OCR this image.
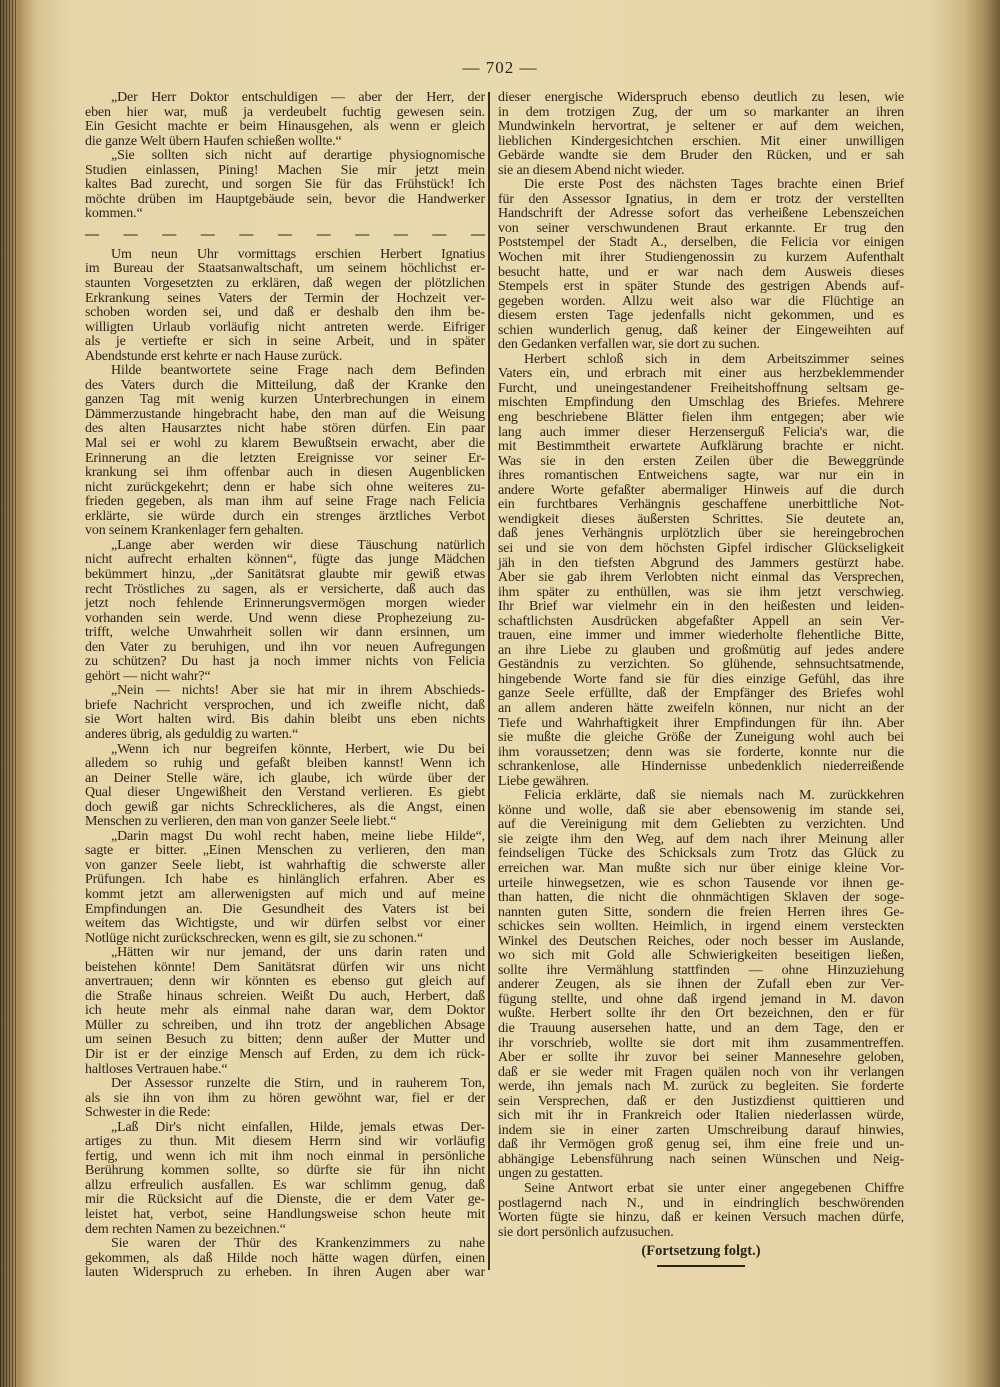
— 702 —
„Der Herr Doktor entschuldigen — aber der Herr, der
eben hier war, muß ja verdeubelt fuchtig gewesen sein.
Ein Gesicht machte er beim Hinausgehen, als wenn er gleich
die ganze Welt übern Haufen schießen wollte.“
„Sie sollten sich nicht auf derartige physiognomische
Studien einlassen, Pining! Machen Sie mir jetzt mein
kaltes Bad zurecht, und sorgen Sie für das Frühstück! Ich
möchte drüben im Hauptgebäude sein, bevor die Handwerker
kommen.“
— — — — — — — — — — —
Um neun Uhr vormittags erschien Herbert Ignatius
im Bureau der Staatsanwaltschaft, um seinem höchlichst er-
staunten Vorgesetzten zu erklären, daß wegen der plötzlichen
Erkrankung seines Vaters der Termin der Hochzeit ver-
schoben worden sei, und daß er deshalb den ihm be-
willigten Urlaub vorläufig nicht antreten werde. Eifriger
als je vertiefte er sich in seine Arbeit, und in später
Abendstunde erst kehrte er nach Hause zurück.
Hilde beantwortete seine Frage nach dem Befinden
des Vaters durch die Mitteilung, daß der Kranke den
ganzen Tag mit wenig kurzen Unterbrechungen in einem
Dämmerzustande hingebracht habe, den man auf die Weisung
des alten Hausarztes nicht habe stören dürfen. Ein paar
Mal sei er wohl zu klarem Bewußtsein erwacht, aber die
Erinnerung an die letzten Ereignisse vor seiner Er-
krankung sei ihm offenbar auch in diesen Augenblicken
nicht zurückgekehrt; denn er habe sich ohne weiteres zu-
frieden gegeben, als man ihm auf seine Frage nach Felicia
erklärte, sie würde durch ein strenges ärztliches Verbot
von seinem Krankenlager fern gehalten.
„Lange aber werden wir diese Täuschung natürlich
nicht aufrecht erhalten können“, fügte das junge Mädchen
bekümmert hinzu, „der Sanitätsrat glaubte mir gewiß etwas
recht Tröstliches zu sagen, als er versicherte, daß auch das
jetzt noch fehlende Erinnerungsvermögen morgen wieder
vorhanden sein werde. Und wenn diese Prophezeiung zu-
trifft, welche Unwahrheit sollen wir dann ersinnen, um
den Vater zu beruhigen, und ihn vor neuen Aufregungen
zu schützen? Du hast ja noch immer nichts von Felicia
gehört — nicht wahr?“
„Nein — nichts! Aber sie hat mir in ihrem Abschieds-
briefe Nachricht versprochen, und ich zweifle nicht, daß
sie Wort halten wird. Bis dahin bleibt uns eben nichts
anderes übrig, als geduldig zu warten.“
„Wenn ich nur begreifen könnte, Herbert, wie Du bei
alledem so ruhig und gefaßt bleiben kannst! Wenn ich
an Deiner Stelle wäre, ich glaube, ich würde über der
Qual dieser Ungewißheit den Verstand verlieren. Es giebt
doch gewiß gar nichts Schrecklicheres, als die Angst, einen
Menschen zu verlieren, den man von ganzer Seele liebt.“
„Darin magst Du wohl recht haben, meine liebe Hilde“,
sagte er bitter. „Einen Menschen zu verlieren, den man
von ganzer Seele liebt, ist wahrhaftig die schwerste aller
Prüfungen. Ich habe es hinlänglich erfahren. Aber es
kommt jetzt am allerwenigsten auf mich und auf meine
Empfindungen an. Die Gesundheit des Vaters ist bei
weitem das Wichtigste, und wir dürfen selbst vor einer
Notlüge nicht zurückschrecken, wenn es gilt, sie zu schonen.“
„Hätten wir nur jemand, der uns darin raten und
beistehen könnte! Dem Sanitätsrat dürfen wir uns nicht
anvertrauen; denn wir könnten es ebenso gut gleich auf
die Straße hinaus schreien. Weißt Du auch, Herbert, daß
ich heute mehr als einmal nahe daran war, dem Doktor
Müller zu schreiben, und ihn trotz der angeblichen Absage
um seinen Besuch zu bitten; denn außer der Mutter und
Dir ist er der einzige Mensch auf Erden, zu dem ich rück-
haltloses Vertrauen habe.“
Der Assessor runzelte die Stirn, und in rauherem Ton,
als sie ihn von ihm zu hören gewöhnt war, fiel er der
Schwester in die Rede:
„Laß Dir's nicht einfallen, Hilde, jemals etwas Der-
artiges zu thun. Mit diesem Herrn sind wir vorläufig
fertig, und wenn ich mit ihm noch einmal in persönliche
Berührung kommen sollte, so dürfte sie für ihn nicht
allzu erfreulich ausfallen. Es war schlimm genug, daß
mir die Rücksicht auf die Dienste, die er dem Vater ge-
leistet hat, verbot, seine Handlungsweise schon heute mit
dem rechten Namen zu bezeichnen.“
Sie waren der Thür des Krankenzimmers zu nahe
gekommen, als daß Hilde noch hätte wagen dürfen, einen
lauten Widerspruch zu erheben. In ihren Augen aber war
dieser energische Widerspruch ebenso deutlich zu lesen, wie
in dem trotzigen Zug, der um so markanter an ihren
Mundwinkeln hervortrat, je seltener er auf dem weichen,
lieblichen Kindergesichtchen erschien. Mit einer unwilligen
Gebärde wandte sie dem Bruder den Rücken, und er sah
sie an diesem Abend nicht wieder.
Die erste Post des nächsten Tages brachte einen Brief
für den Assessor Ignatius, in dem er trotz der verstellten
Handschrift der Adresse sofort das verheißene Lebenszeichen
von seiner verschwundenen Braut erkannte. Er trug den
Poststempel der Stadt A., derselben, die Felicia vor einigen
Wochen mit ihrer Studiengenossin zu kurzem Aufenthalt
besucht hatte, und er war nach dem Ausweis dieses
Stempels erst in später Stunde des gestrigen Abends auf-
gegeben worden. Allzu weit also war die Flüchtige an
diesem ersten Tage jedenfalls nicht gekommen, und es
schien wunderlich genug, daß keiner der Eingeweihten auf
den Gedanken verfallen war, sie dort zu suchen.
Herbert schloß sich in dem Arbeitszimmer seines
Vaters ein, und erbrach mit einer aus herzbeklemmender
Furcht, und uneingestandener Freiheitshoffnung seltsam ge-
mischten Empfindung den Umschlag des Briefes. Mehrere
eng beschriebene Blätter fielen ihm entgegen; aber wie
lang auch immer dieser Herzenserguß Felicia's war, die
mit Bestimmtheit erwartete Aufklärung brachte er nicht.
Was sie in den ersten Zeilen über die Beweggründe
ihres romantischen Entweichens sagte, war nur ein in
andere Worte gefaßter abermaliger Hinweis auf die durch
ein furchtbares Verhängnis geschaffene unerbittliche Not-
wendigkeit dieses äußersten Schrittes. Sie deutete an,
daß jenes Verhängnis urplötzlich über sie hereingebrochen
sei und sie von dem höchsten Gipfel irdischer Glückseligkeit
jäh in den tiefsten Abgrund des Jammers gestürzt habe.
Aber sie gab ihrem Verlobten nicht einmal das Versprechen,
ihm später zu enthüllen, was sie ihm jetzt verschwieg.
Ihr Brief war vielmehr ein in den heißesten und leiden-
schaftlichsten Ausdrücken abgefaßter Appell an sein Ver-
trauen, eine immer und immer wiederholte flehentliche Bitte,
an ihre Liebe zu glauben und großmütig auf jedes andere
Geständnis zu verzichten. So glühende, sehnsuchtsatmende,
hingebende Worte fand sie für dies einzige Gefühl, das ihre
ganze Seele erfüllte, daß der Empfänger des Briefes wohl
an allem anderen hätte zweifeln können, nur nicht an der
Tiefe und Wahrhaftigkeit ihrer Empfindungen für ihn. Aber
sie mußte die gleiche Größe der Zuneigung wohl auch bei
ihm voraussetzen; denn was sie forderte, konnte nur die
schrankenlose, alle Hindernisse unbedenklich niederreißende
Liebe gewähren.
Felicia erklärte, daß sie niemals nach M. zurückkehren
könne und wolle, daß sie aber ebensowenig im stande sei,
auf die Vereinigung mit dem Geliebten zu verzichten. Und
sie zeigte ihm den Weg, auf dem nach ihrer Meinung aller
feindseligen Tücke des Schicksals zum Trotz das Glück zu
erreichen war. Man mußte sich nur über einige kleine Vor-
urteile hinwegsetzen, wie es schon Tausende vor ihnen ge-
than hatten, die nicht die ohnmächtigen Sklaven der soge-
nannten guten Sitte, sondern die freien Herren ihres Ge-
schickes sein wollten. Heimlich, in irgend einem versteckten
Winkel des Deutschen Reiches, oder noch besser im Auslande,
wo sich mit Gold alle Schwierigkeiten beseitigen ließen,
sollte ihre Vermählung stattfinden — ohne Hinzuziehung
anderer Zeugen, als sie ihnen der Zufall eben zur Ver-
fügung stellte, und ohne daß irgend jemand in M. davon
wußte. Herbert sollte ihr den Ort bezeichnen, den er für
die Trauung ausersehen hatte, und an dem Tage, den er
ihr vorschrieb, wollte sie dort mit ihm zusammentreffen.
Aber er sollte ihr zuvor bei seiner Mannesehre geloben,
daß er sie weder mit Fragen quälen noch von ihr verlangen
werde, ihn jemals nach M. zurück zu begleiten. Sie forderte
sein Versprechen, daß er den Justizdienst quittieren und
sich mit ihr in Frankreich oder Italien niederlassen würde,
indem sie in einer zarten Umschreibung darauf hinwies,
daß ihr Vermögen groß genug sei, ihm eine freie und un-
abhängige Lebensführung nach seinen Wünschen und Neig-
ungen zu gestatten.
Seine Antwort erbat sie unter einer angegebenen Chiffre
postlagernd nach N., und in eindringlich beschwörenden
Worten fügte sie hinzu, daß er keinen Versuch machen dürfe,
sie dort persönlich aufzusuchen.
(Fortsetzung folgt.)
